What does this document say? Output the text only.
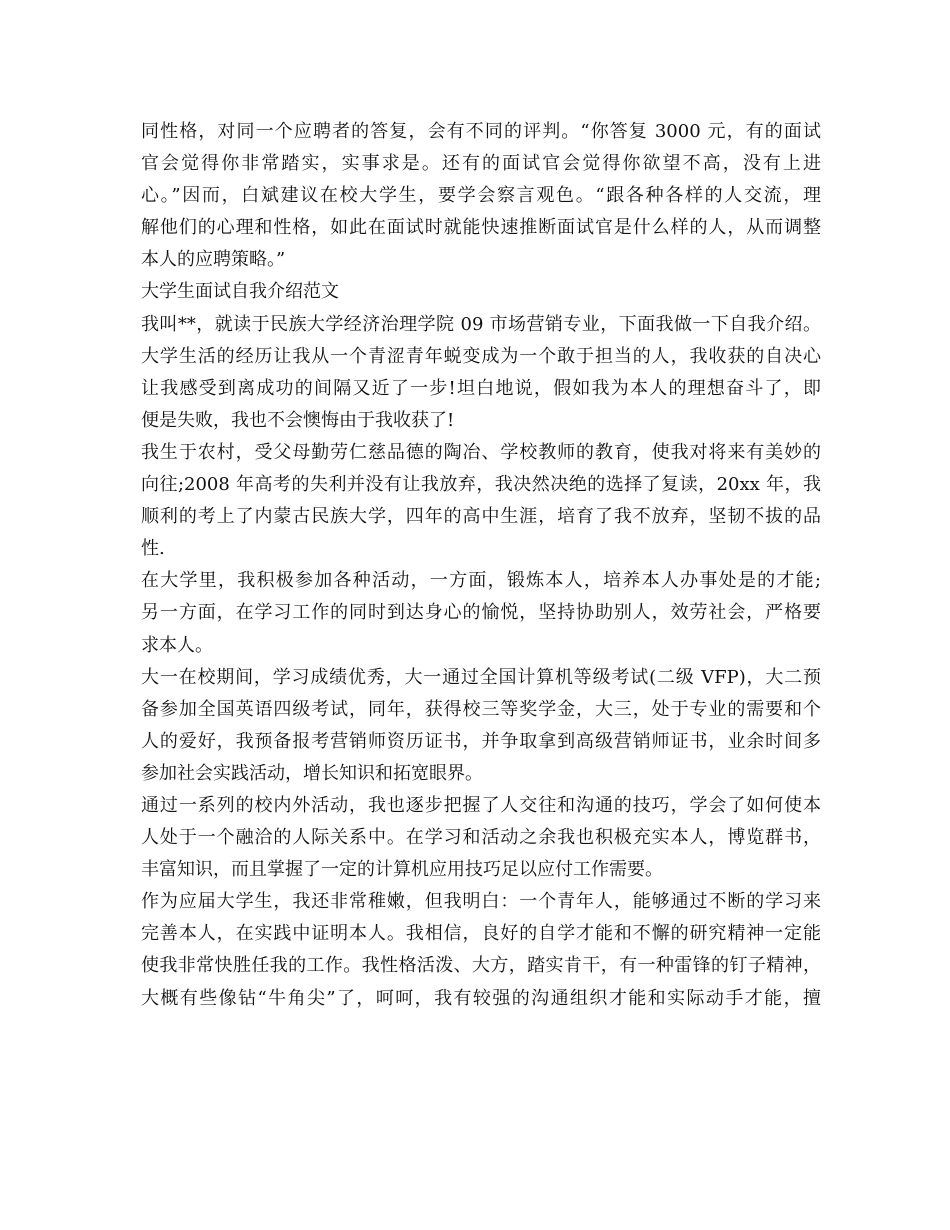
同性格，对同一个应聘者的答复，会有不同的评判。“你答复 3000 元，有的面试
官会觉得你非常踏实，实事求是。还有的面试官会觉得你欲望不高，没有上进
心。”因而，白斌建议在校大学生，要学会察言观色。“跟各种各样的人交流，理
解他们的心理和性格，如此在面试时就能快速推断面试官是什么样的人，从而调整
本人的应聘策略。”
大学生面试自我介绍范文
我叫**，就读于民族大学经济治理学院 09 市场营销专业，下面我做一下自我介绍。
大学生活的经历让我从一个青涩青年蜕变成为一个敢于担当的人，我收获的自决心
让我感受到离成功的间隔又近了一步!坦白地说，假如我为本人的理想奋斗了，即
便是失败，我也不会懊悔由于我收获了!
我生于农村，受父母勤劳仁慈品德的陶冶、学校教师的教育，使我对将来有美妙的
向往;2008 年高考的失利并没有让我放弃，我决然决绝的选择了复读，20xx 年，我
顺利的考上了内蒙古民族大学，四年的高中生涯，培育了我不放弃，坚韧不拔的品
性.
在大学里，我积极参加各种活动，一方面，锻炼本人，培养本人办事处是的才能;
另一方面，在学习工作的同时到达身心的愉悦，坚持协助别人，效劳社会，严格要
求本人。
大一在校期间，学习成绩优秀，大一通过全国计算机等级考试(二级 VFP)，大二预
备参加全国英语四级考试，同年，获得校三等奖学金，大三，处于专业的需要和个
人的爱好，我预备报考营销师资历证书，并争取拿到高级营销师证书，业余时间多
参加社会实践活动，增长知识和拓宽眼界。
通过一系列的校内外活动，我也逐步把握了人交往和沟通的技巧，学会了如何使本
人处于一个融洽的人际关系中。在学习和活动之余我也积极充实本人，博览群书，
丰富知识，而且掌握了一定的计算机应用技巧足以应付工作需要。
作为应届大学生，我还非常稚嫩，但我明白：一个青年人，能够通过不断的学习来
完善本人，在实践中证明本人。我相信，良好的自学才能和不懈的研究精神一定能
使我非常快胜任我的工作。我性格活泼、大方，踏实肯干，有一种雷锋的钉子精神，
大概有些像钻“牛角尖”了，呵呵，我有较强的沟通组织才能和实际动手才能，擅
